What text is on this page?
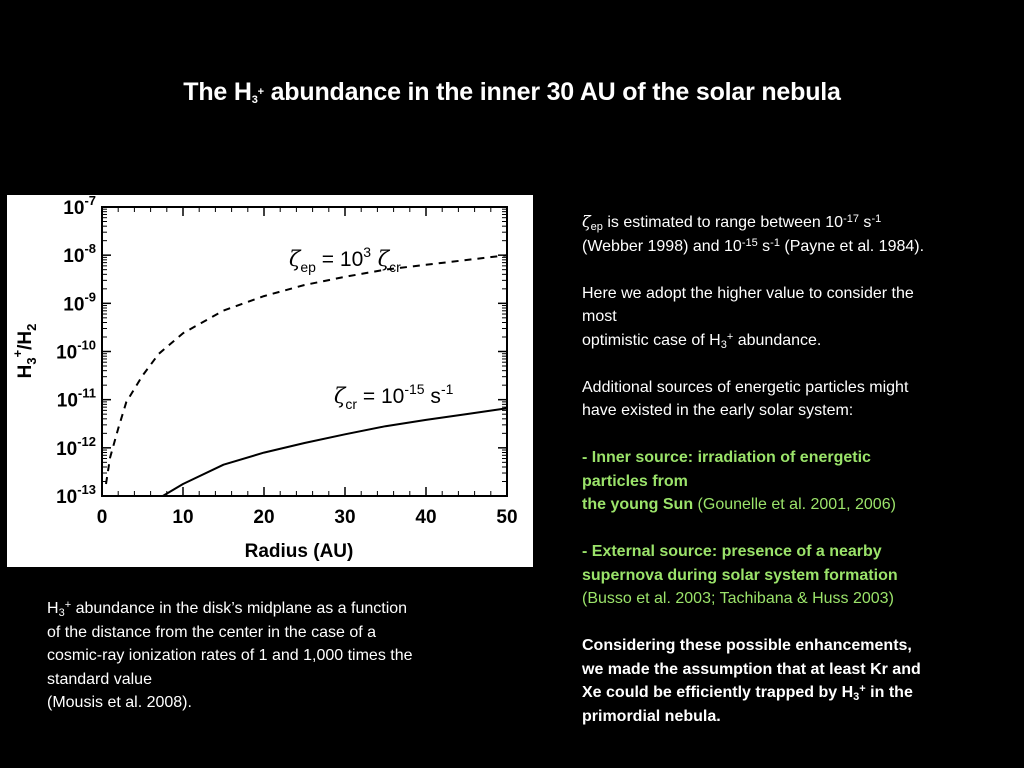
The $H_3^+$ abundance in the inner 30 AU of the solar nebula
$10^{-7}$
$10^{-8}$
$10^{-9}$
$10^{-10}$
$10^{-11}$
$10^{-12}$
$10^{-13}$
0	10	20	30	40	50
Radius (AU)
$H_3^+/H_2$
$\zeta_{ep} = 10^3$ $\zeta_{cr}$
$\zeta_{cr} = 10^{-15}$ $s^{-1}$
$H_3^+$ abundance in the disk’s midplane as a function
of the distance from the center in the case of a
cosmic-ray ionization rates of 1 and 1,000 times the
standard value
(Mousis et al. 2008).

$\zeta_{ep}$ is estimated to range between $10^{-17}$ $s^{-1}$
(Webber 1998) and $10^{-15}$ $s^{-1}$ (Payne et al. 1984).

Here we adopt the higher value to consider the
most
optimistic case of $H_3^+$ abundance.

Additional sources of energetic particles might
have existed in the early solar system:

- Inner source: irradiation of energetic
particles from
the young Sun (Gounelle et al. 2001, 2006)

- External source: presence of a nearby
supernova during solar system formation
(Busso et al. 2003; Tachibana & Huss 2003)

Considering these possible enhancements,
we made the assumption that at least Kr and
Xe could be efficiently trapped by $H_3^+$ in the
primordial nebula.
